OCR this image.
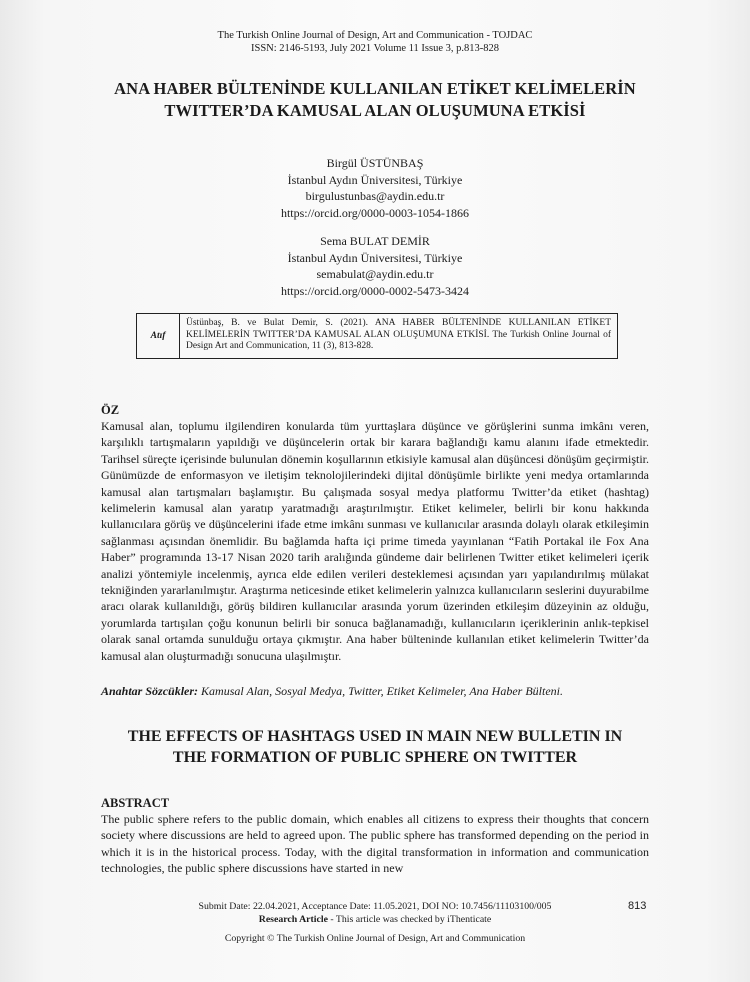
The Turkish Online Journal of Design, Art and Communication - TOJDAC
ISSN: 2146-5193, July 2021 Volume 11 Issue 3, p.813-828
ANA HABER BÜLTENİNDE KULLANILAN ETİKET KELİMELERİN
TWITTER’DA KAMUSAL ALAN OLUŞUMUNA ETKİSİ
Birgül ÜSTÜNBAŞ
İstanbul Aydın Üniversitesi, Türkiye
birgulustunbas@aydin.edu.tr
https://orcid.org/0000-0003-1054-1866
Sema BULAT DEMİR
İstanbul Aydın Üniversitesi, Türkiye
semabulat@aydin.edu.tr
https://orcid.org/0000-0002-5473-3424
Atıf
Üstünbaş, B. ve Bulat Demir, S. (2021). ANA HABER BÜLTENİNDE KULLANILAN ETİKET KELİMELERİN TWITTER’DA KAMUSAL ALAN OLUŞUMUNA ETKİSİ. The Turkish Online Journal of Design Art and Communication, 11 (3), 813-828.
ÖZ
Kamusal alan, toplumu ilgilendiren konularda tüm yurttaşlara düşünce ve görüşlerini sunma imkânı veren, karşılıklı tartışmaların yapıldığı ve düşüncelerin ortak bir karara bağlandığı kamu alanını ifade etmektedir. Tarihsel süreçte içerisinde bulunulan dönemin koşullarının etkisiyle kamusal alan düşüncesi dönüşüm geçirmiştir. Günümüzde de enformasyon ve iletişim teknolojilerindeki dijital dönüşümle birlikte yeni medya ortamlarında kamusal alan tartışmaları başlamıştır. Bu çalışmada sosyal medya platformu Twitter’da etiket (hashtag) kelimelerin kamusal alan yaratıp yaratmadığı araştırılmıştır. Etiket kelimeler, belirli bir konu hakkında kullanıcılara görüş ve düşüncelerini ifade etme imkânı sunması ve kullanıcılar arasında dolaylı olarak etkileşimin sağlanması açısından önemlidir. Bu bağlamda hafta içi prime timeda yayınlanan “Fatih Portakal ile Fox Ana Haber” programında 13-17 Nisan 2020 tarih aralığında gündeme dair belirlenen Twitter etiket kelimeleri içerik analizi yöntemiyle incelenmiş, ayrıca elde edilen verileri desteklemesi açısından yarı yapılandırılmış mülakat tekniğinden yararlanılmıştır. Araştırma neticesinde etiket kelimelerin yalnızca kullanıcıların seslerini duyurabilme aracı olarak kullanıldığı, görüş bildiren kullanıcılar arasında yorum üzerinden etkileşim düzeyinin az olduğu, yorumlarda tartışılan çoğu konunun belirli bir sonuca bağlanamadığı, kullanıcıların içeriklerinin anlık-tepkisel olarak sanal ortamda sunulduğu ortaya çıkmıştır. Ana haber bülteninde kullanılan etiket kelimelerin Twitter’da kamusal alan oluşturmadığı sonucuna ulaşılmıştır.
Anahtar Sözcükler: Kamusal Alan, Sosyal Medya, Twitter, Etiket Kelimeler, Ana Haber Bülteni.
THE EFFECTS OF HASHTAGS USED IN MAIN NEW BULLETIN IN
THE FORMATION OF PUBLIC SPHERE ON TWITTER
ABSTRACT
The public sphere refers to the public domain, which enables all citizens to express their thoughts that concern society where discussions are held to agreed upon. The public sphere has transformed depending on the period in which it is in the historical process. Today, with the digital transformation in information and communication technologies, the public sphere discussions have started in new
Submit Date: 22.04.2021, Acceptance Date: 11.05.2021, DOI NO: 10.7456/11103100/005
Research Article - This article was checked by iThenticate
Copyright © The Turkish Online Journal of Design, Art and Communication
813
